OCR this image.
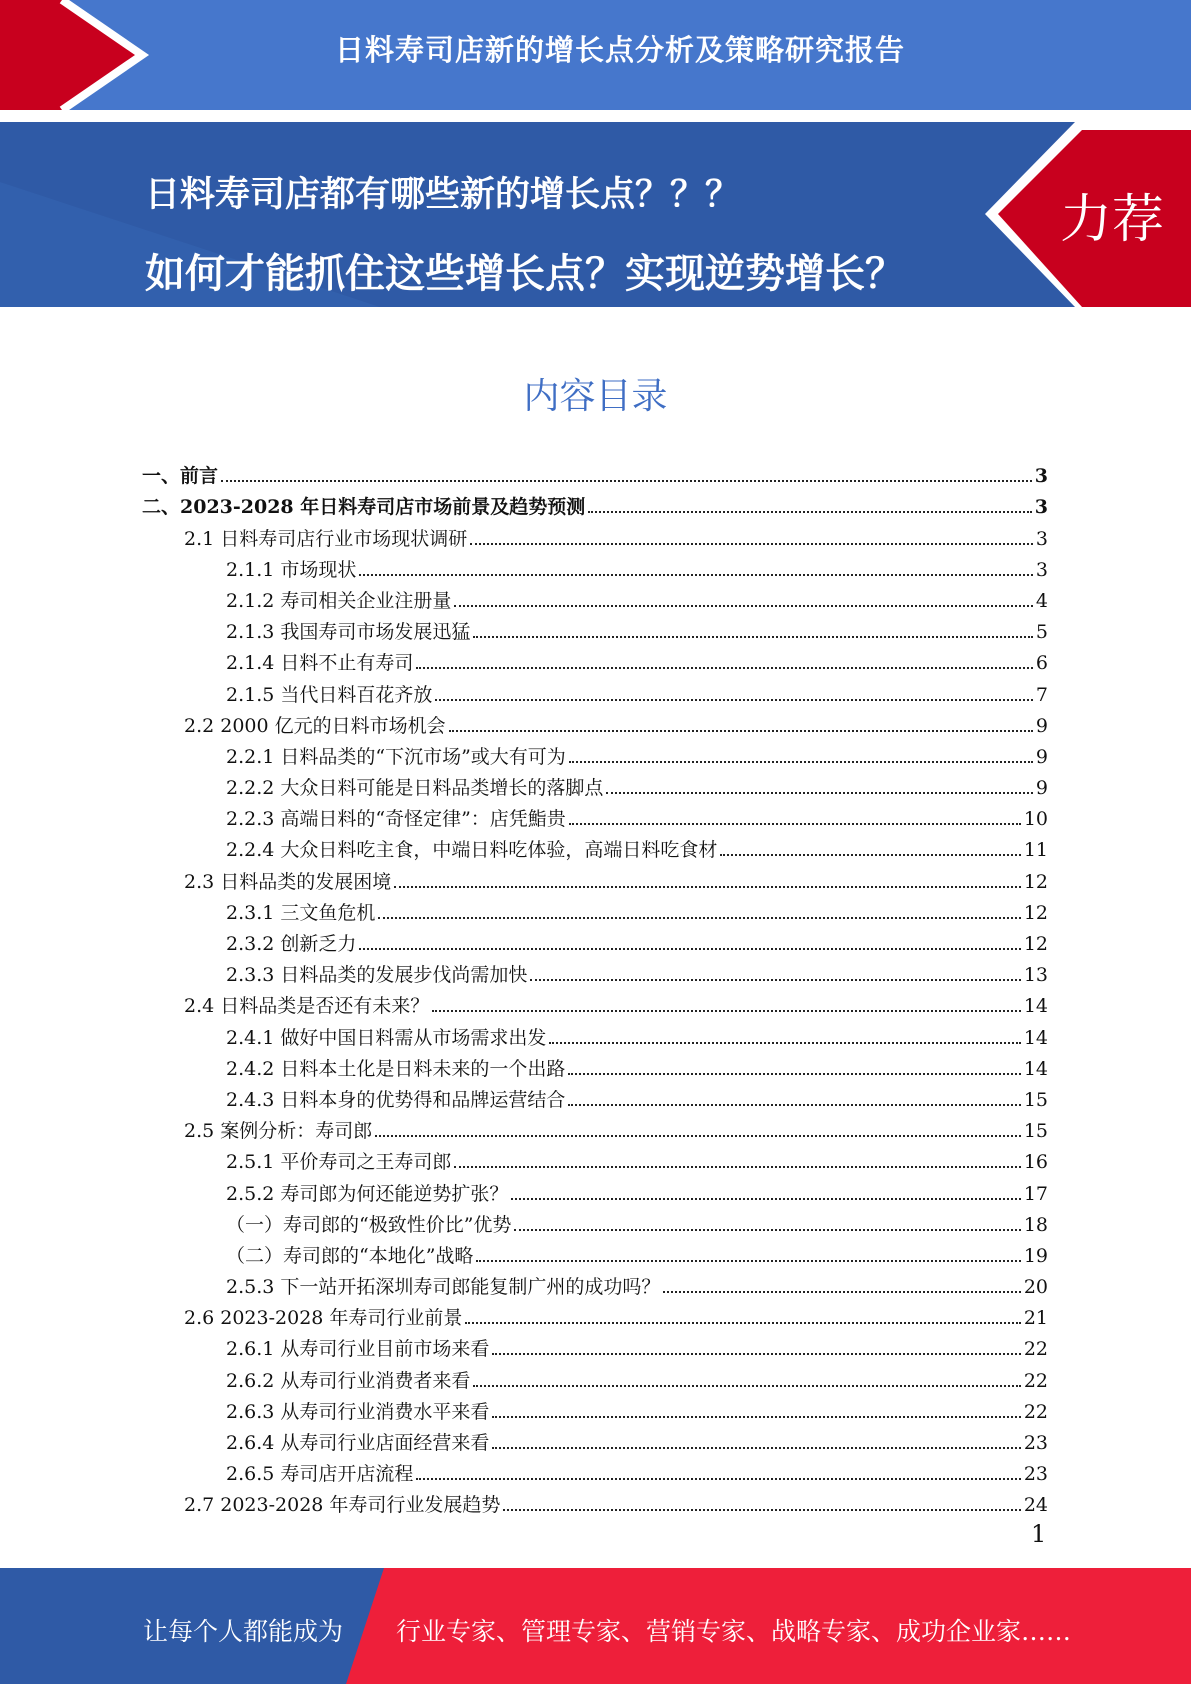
日料寿司店新的增长点分析及策略研究报告
日料寿司店都有哪些新的增长点？？？
如何才能抓住这些增长点？实现逆势增长？
力荐
内容目录
一、前言	3
二、2023-2028 年日料寿司店市场前景及趋势预测	3
2.1 日料寿司店行业市场现状调研	3
2.1.1 市场现状	3
2.1.2 寿司相关企业注册量	4
2.1.3 我国寿司市场发展迅猛	5
2.1.4 日料不止有寿司	6
2.1.5 当代日料百花齐放	7
2.2 2000 亿元的日料市场机会	9
2.2.1 日料品类的“下沉市场”或大有可为	9
2.2.2 大众日料可能是日料品类增长的落脚点	9
2.2.3 高端日料的“奇怪定律”：店凭鮨贵	10
2.2.4 大众日料吃主食，中端日料吃体验，高端日料吃食材	11
2.3 日料品类的发展困境	12
2.3.1 三文鱼危机	12
2.3.2 创新乏力	12
2.3.3 日料品类的发展步伐尚需加快	13
2.4 日料品类是否还有未来？	14
2.4.1 做好中国日料需从市场需求出发	14
2.4.2 日料本土化是日料未来的一个出路	14
2.4.3 日料本身的优势得和品牌运营结合	15
2.5 案例分析：寿司郎	15
2.5.1 平价寿司之王寿司郎	16
2.5.2 寿司郎为何还能逆势扩张？	17
（一）寿司郎的“极致性价比”优势	18
（二）寿司郎的“本地化”战略	19
2.5.3 下一站开拓深圳寿司郎能复制广州的成功吗？	20
2.6 2023-2028 年寿司行业前景	21
2.6.1 从寿司行业目前市场来看	22
2.6.2 从寿司行业消费者来看	22
2.6.3 从寿司行业消费水平来看	22
2.6.4 从寿司行业店面经营来看	23
2.6.5 寿司店开店流程	23
2.7 2023-2028 年寿司行业发展趋势	24
1
让每个人都能成为 行业专家、管理专家、营销专家、战略专家、成功企业家……
